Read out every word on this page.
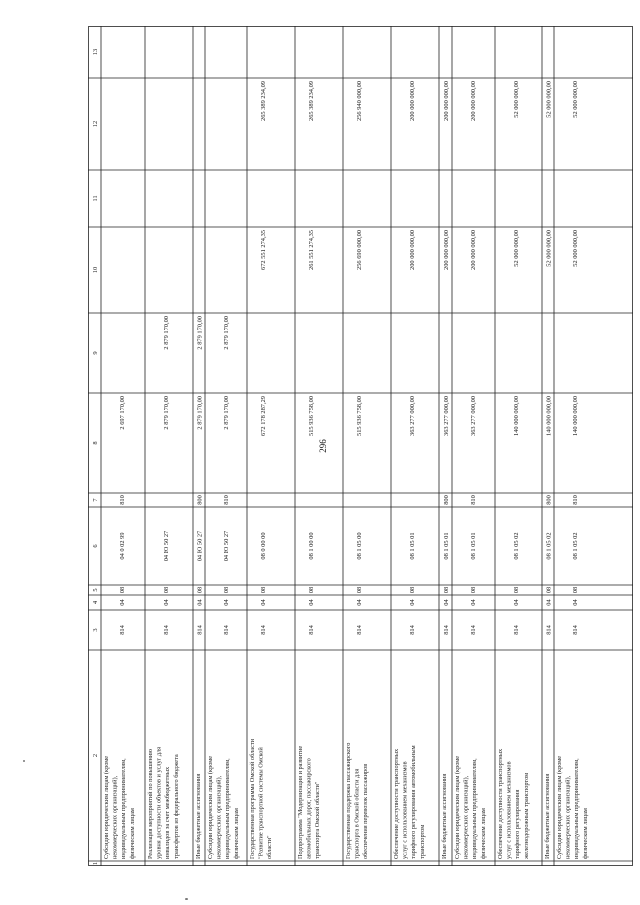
296
13
12
11
10
9
8
7
6
5
4
3
2
1
2 697 170,00
810
04 0 02 99
08
04
814
Субсидии юридическим лицам (кроме некоммерческих организаций), индивидуальным предпринимателям, физическим лицам
2 879 170,00
2 879 170,00
04 Ю 50 27
08
04
814
Реализация мероприятий по повышению уровня доступности объектов и услуг для инвалидов за счет межбюджетных трансфертов из федерального бюджета
2 879 170,00
2 879 170,00
800
04 Ю 50 27
08
04
814
Иные бюджетные ассигнования
2 879 170,00
2 879 170,00
810
04 Ю 50 27
08
04
814
Субсидии юридическим лицам (кроме некоммерческих организаций), индивидуальным предпринимателям, физическим лицам
265 389 234,09
672 551 274,35
672 178 287,29
08 0 00 00
08
04
814
Государственная программа Омской области "Развитие транспортной системы Омской области"
265 389 234,09
261 551 274,35
515 936 758,00
08 1 00 00
08
04
814
Подпрограмма "Модернизация и развитие автомобильных дорог, пассажирского транспорта Омской области"
256 940 000,00
256 690 000,00
515 936 758,00
08 1 05 00
08
04
814
Государственная поддержка пассажирского транспорта в Омской области для обеспечения перевозок пассажиров
200 000 000,00
200 000 000,00
363 277 000,00
08 1 05 01
08
04
814
Обеспечение доступности транспортных услуг с использованием механизмов тарифного регулирования автомобильным транспортом
200 000 000,00
200 000 000,00
363 277 000,00
800
08 1 05 01
08
04
814
Иные бюджетные ассигнования
200 000 000,00
200 000 000,00
363 277 000,00
810
08 1 05 01
08
04
814
Субсидии юридическим лицам (кроме некоммерческих организаций), индивидуальным предпринимателям, физическим лицам
52 000 000,00
52 000 000,00
140 000 000,00
08 1 05 02
08
04
814
Обеспечение доступности транспортных услуг с использованием механизмов тарифного регулирования железнодорожным транспортом
52 000 000,00
52 000 000,00
140 000 000,00
800
08 1 05 02
08
04
814
Иные бюджетные ассигнования
52 000 000,00
52 000 000,00
140 000 000,00
810
08 1 05 02
08
04
814
Субсидии юридическим лицам (кроме некоммерческих организаций), индивидуальным предпринимателям, физическим лицам
